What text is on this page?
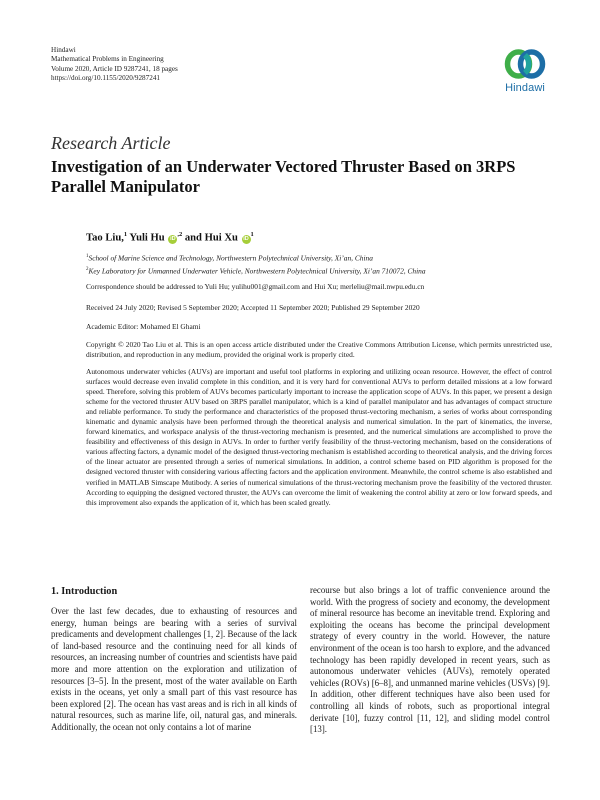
Hindawi
Mathematical Problems in Engineering
Volume 2020, Article ID 9287241, 18 pages
https://doi.org/10.1155/2020/9287241
Hindawi
Research Article
Investigation of an Underwater Vectored Thruster Based on 3RPS Parallel Manipulator
Tao Liu,$^1$ Yuli Hu $iD^{,2}$ and Hui Xu $iD^1$
$^1$School of Marine Science and Technology, Northwestern Polytechnical University, Xi’an, China
$^2$Key Laboratory for Unmanned Underwater Vehicle, Northwestern Polytechnical University, Xi’an 710072, China
Correspondence should be addressed to Yuli Hu; yulihu001@gmail.com and Hui Xu; merleliu@mail.nwpu.edu.cn
Received 24 July 2020; Revised 5 September 2020; Accepted 11 September 2020; Published 29 September 2020
Academic Editor: Mohamed El Ghami

Copyright © 2020 Tao Liu et al. This is an open access article distributed under the Creative Commons Attribution License, which permits unrestricted use, distribution, and reproduction in any medium, provided the original work is properly cited.

Autonomous underwater vehicles (AUVs) are important and useful tool platforms in exploring and utilizing ocean resource. However, the effect of control surfaces would decrease even invalid complete in this condition, and it is very hard for conventional AUVs to perform detailed missions at a low forward speed. Therefore, solving this problem of AUVs becomes particularly important to increase the application scope of AUVs. In this paper, we present a design scheme for the vectored thruster AUV based on 3RPS parallel manipulator, which is a kind of parallel manipulator and has advantages of compact structure and reliable performance. To study the performance and characteristics of the proposed thrust-vectoring mechanism, a series of works about corresponding kinematic and dynamic analysis have been performed through the theoretical analysis and numerical simulation. In the part of kinematics, the inverse, forward kinematics, and workspace analysis of the thrust-vectoring mechanism is presented, and the numerical simulations are accomplished to prove the feasibility and effectiveness of this design in AUVs. In order to further verify feasibility of the thrust-vectoring mechanism, based on the considerations of various affecting factors, a dynamic model of the designed thrust-vectoring mechanism is established according to theoretical analysis, and the driving forces of the linear actuator are presented through a series of numerical simulations. In addition, a control scheme based on PID algorithm is proposed for the designed vectored thruster with considering various affecting factors and the application environment. Meanwhile, the control scheme is also established and verified in MATLAB Simscape Mutibody. A series of numerical simulations of the thrust-vectoring mechanism prove the feasibility of the vectored thruster. According to equipping the designed vectored thruster, the AUVs can overcome the limit of weakening the control ability at zero or low forward speeds, and this improvement also expands the application of it, which has been scaled greatly.

1. Introduction

Over the last few decades, due to exhausting of resources and energy, human beings are bearing with a series of survival predicaments and development challenges [1, 2]. Because of the lack of land-based resource and the continuing need for all kinds of resources, an increasing number of countries and scientists have paid more and more attention on the exploration and utilization of resources [3–5]. In the present, most of the water available on Earth exists in the oceans, yet only a small part of this vast resource has been explored [2]. The ocean has vast areas and is rich in all kinds of natural resources, such as marine life, oil, natural gas, and minerals. Additionally, the ocean not only contains a lot of marine

recourse but also brings a lot of traffic convenience around the world. With the progress of society and economy, the development of mineral resource has become an inevitable trend. Exploring and exploiting the oceans has become the principal development strategy of every country in the world. However, the nature environment of the ocean is too harsh to explore, and the advanced technology has been rapidly developed in recent years, such as autonomous underwater vehicles (AUVs), remotely operated vehicles (ROVs) [6–8], and unmanned marine vehicles (USVs) [9]. In addition, other different techniques have also been used for controlling all kinds of robots, such as proportional integral derivate [10], fuzzy control [11, 12], and sliding model control [13].
